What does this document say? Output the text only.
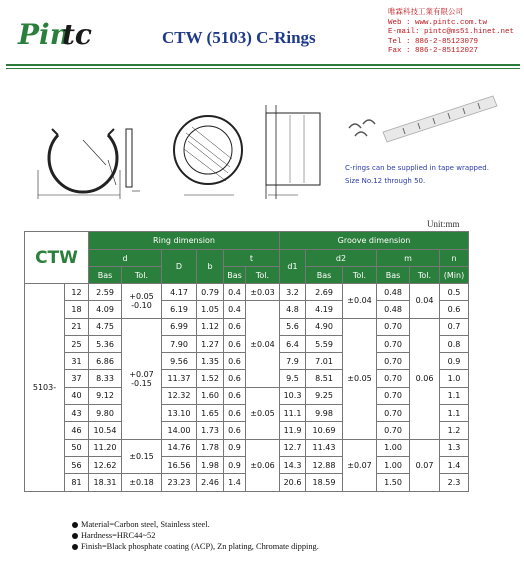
Pin
tc	CTW (5103) C-Rings
唯霖科技工業有限公司
Web : www.pintc.com.tw
E-mail: pintc@ms51.hinet.net
Tel : 886-2-85123079
Fax : 886-2-85112027
C-rings can be supplied in tape wrapped.
Size No.12 through 50.
Unit:mm
CTW		Ring dimension						Groove dimension					
		d		D	b	t		d1	d2		m		n
		Bas	Tol.			Bas	Tol.		Bas	Tol.	Bas	Tol.	(Min)
5103-	12	2.59	+0.05 -0.10	4.17	0.79	0.4	±0.03	3.2	2.69	±0.04	0.48	0.04	0.5
	18	4.09		6.19	1.05	0.4	±0.04	4.8	4.19		0.48		0.6
	21	4.75	+0.07 -0.15	6.99	1.12	0.6		5.6	4.90	±0.05	0.70	0.06	0.7
	25	5.36		7.90	1.27	0.6		6.4	5.59		0.70		0.8
	31	6.86		9.56	1.35	0.6		7.9	7.01		0.70		0.9
	37	8.33		11.37	1.52	0.6		9.5	8.51		0.70		1.0
	40	9.12		12.32	1.60	0.6	±0.05	10.3	9.25		0.70		1.1
	43	9.80		13.10	1.65	0.6		11.1	9.98		0.70		1.1
	46	10.54		14.00	1.73	0.6		11.9	10.69		0.70		1.2
	50	11.20	±0.15	14.76	1.78	0.9	±0.06	12.7	11.43	±0.07	1.00	0.07	1.3
	56	12.62		16.56	1.98	0.9		14.3	12.88		1.00		1.4
	81	18.31	±0.18	23.23	2.46	1.4		20.6	18.59		1.50		2.3
Material=Carbon steel, Stainless steel.
Hardness=HRC44~52
Finish=Black phosphate coating (ACP), Zn plating, Chromate dipping.
